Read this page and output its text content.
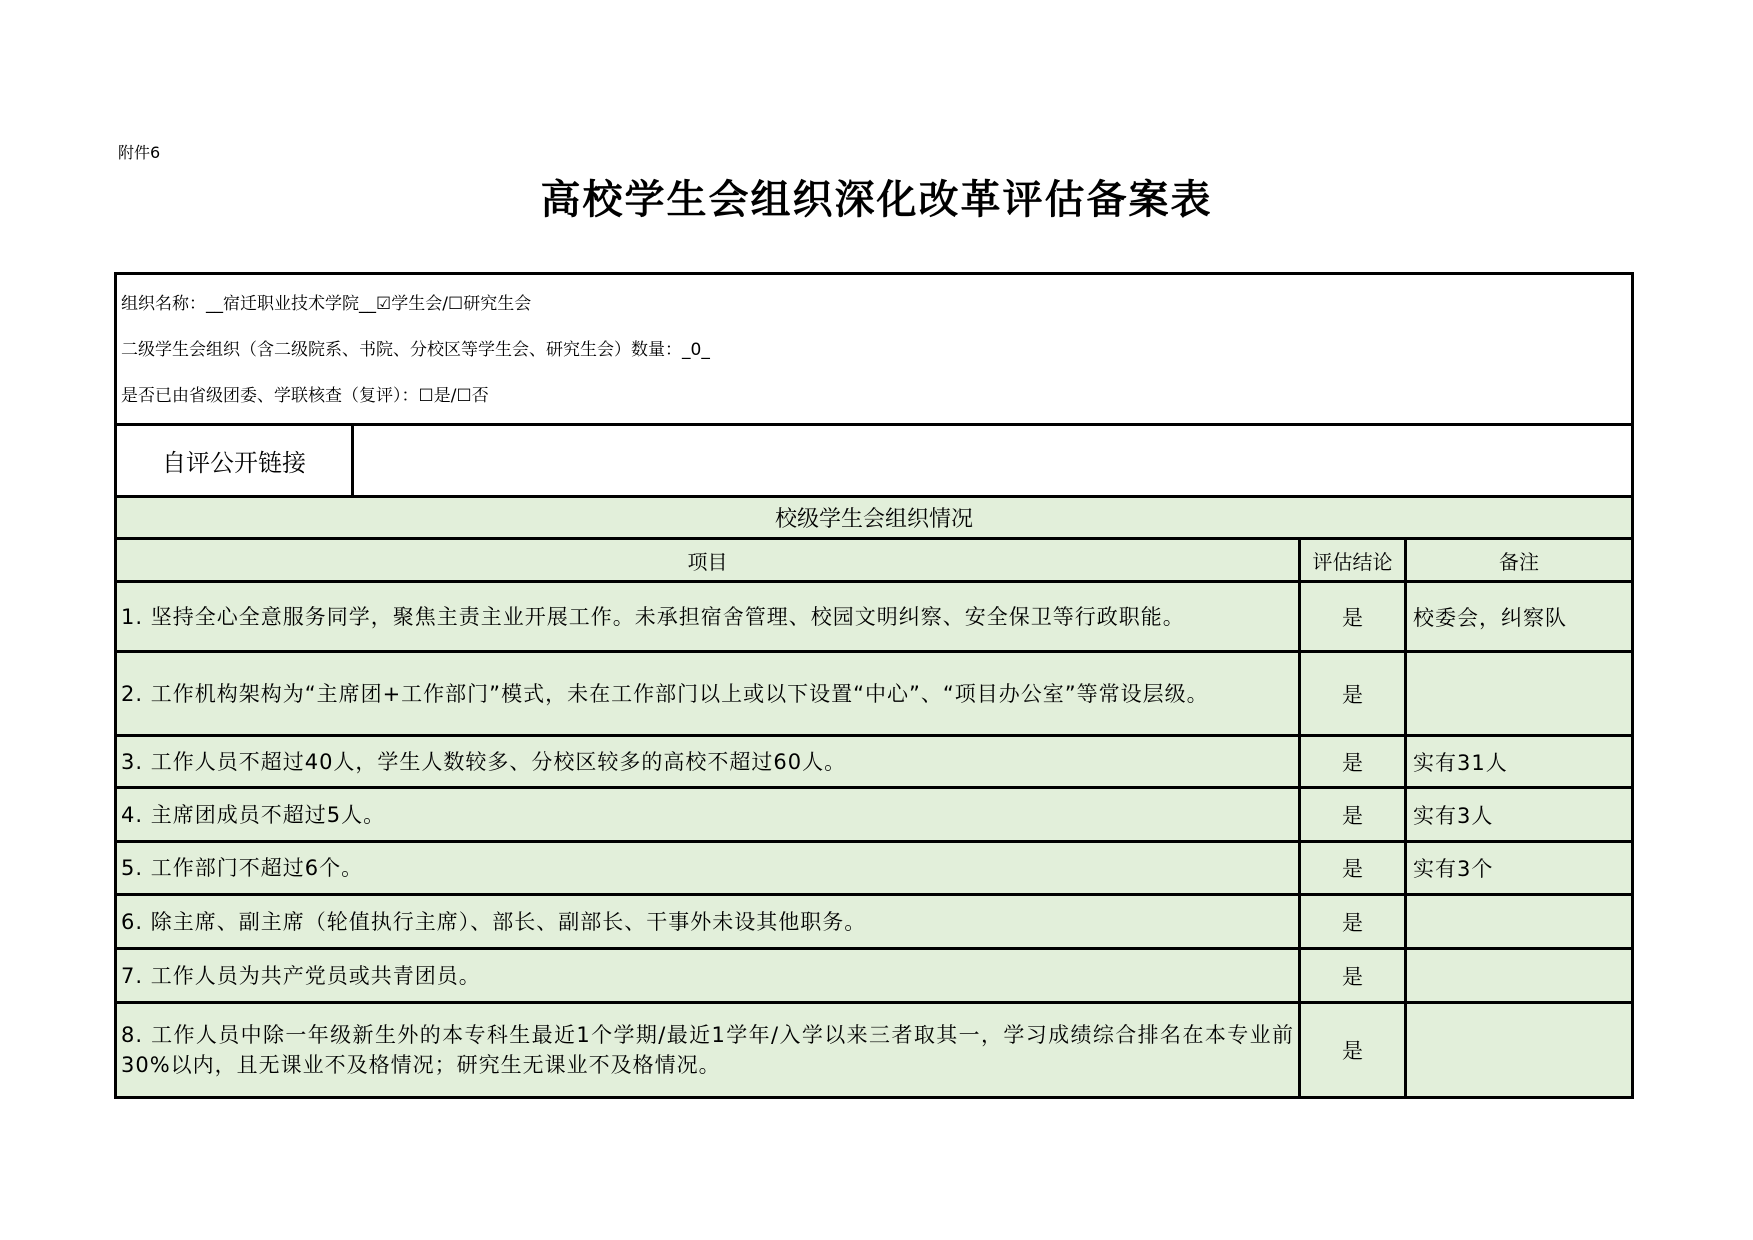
附件6
高校学生会组织深化改革评估备案表
组织名称：__宿迁职业技术学院__☑学生会/☐研究生会
二级学生会组织（含二级院系、书院、分校区等学生会、研究生会）数量：_0_
是否已由省级团委、学联核查（复评）：☐是/☐否			

自评公开链接			
校级学生会组织情况			
项目		评估结论	备注
1. 坚持全心全意服务同学，聚焦主责主业开展工作。未承担宿舍管理、校园文明纠察、安全保卫等行政职能。		是	校委会，纠察队
2. 工作机构架构为“主席团+工作部门”模式，未在工作部门以上或以下设置“中心”、“项目办公室”等常设层级。		是	
3. 工作人员不超过40人，学生人数较多、分校区较多的高校不超过60人。		是	实有31人
4. 主席团成员不超过5人。		是	实有3人
5. 工作部门不超过6个。		是	实有3个
6. 除主席、副主席（轮值执行主席）、部长、副部长、干事外未设其他职务。		是	
7. 工作人员为共产党员或共青团员。		是	
8. 工作人员中除一年级新生外的本专科生最近1个学期/最近1学年/入学以来三者取其一，学习成绩综合排名在本专业前30%以内，且无课业不及格情况；研究生无课业不及格情况。		是	
